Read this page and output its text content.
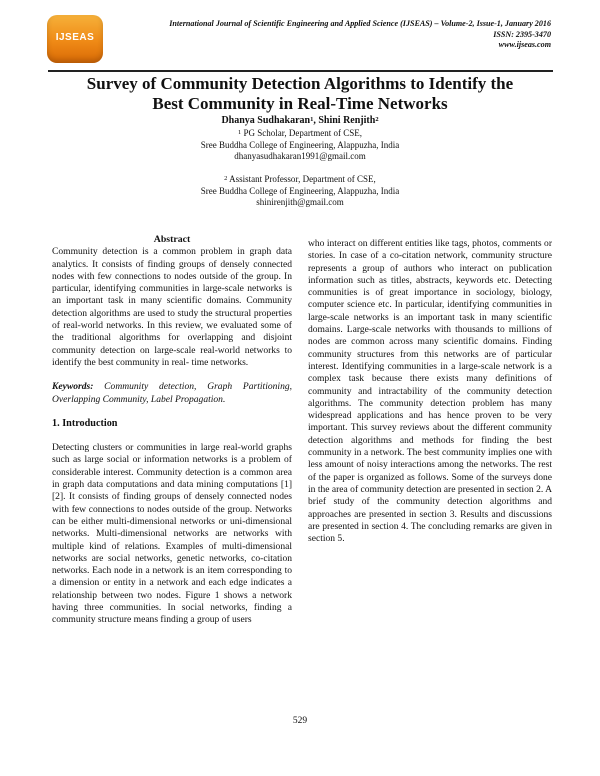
IJSEAS
International Journal of Scientific Engineering and Applied Science (IJSEAS) – Volume-2, Issue-1, January 2016
ISSN: 2395-3470
www.ijseas.com
Survey of Community Detection Algorithms to Identify the
Best Community in Real-Time Networks
Dhanya Sudhakaran$^1$, Shini Renjith$^2$
$^1$ PG Scholar, Department of CSE,
Sree Buddha College of Engineering, Alappuzha, India
dhanyasudhakaran1991@gmail.com
$^2$ Assistant Professor, Department of CSE,
Sree Buddha College of Engineering, Alappuzha, India
shinirenjith@gmail.com

Abstract

Community detection is a common problem in graph data analytics. It consists of finding groups of densely connected nodes with few connections to nodes outside of the group. In particular, identifying communities in large-scale networks is an important task in many scientific domains. Community detection algorithms are used to study the structural properties of real-world networks. In this review, we evaluated some of the traditional algorithms for overlapping and disjoint community detection on large-scale real-world networks to identify the best community in real- time networks.

Keywords: Community detection, Graph Partitioning, Overlapping Community, Label Propagation.

1. Introduction

Detecting clusters or communities in large real-world graphs such as large social or information networks is a problem of considerable interest. Community detection is a common area in graph data computations and data mining computations [1] [2]. It consists of finding groups of densely connected nodes with few connections to nodes outside of the group. Networks can be either multi-dimensional networks or uni-dimensional networks. Multi-dimensional networks are networks with multiple kind of relations. Examples of multi-dimensional networks are social networks, genetic networks, co-citation networks. Each node in a network is an item corresponding to a dimension or entity in a network and each edge indicates a relationship between two nodes. Figure 1 shows a network having three communities. In social networks, finding a community structure means finding a group of users

who interact on different entities like tags, photos, comments or stories. In case of a co-citation network, community structure represents a group of authors who interact on publication information such as titles, abstracts, keywords etc. Detecting communities is of great importance in sociology, biology, computer science etc. In particular, identifying communities in large-scale networks is an important task in many scientific domains. Large-scale networks with thousands to millions of nodes are common across many scientific domains. Finding community structures from this networks are of particular interest. Identifying communities in a large-scale network is a complex task because there exists many definitions of community and intractability of the community detection algorithms. The community detection problem has many widespread applications and has hence proven to be very important. This survey reviews about the different community detection algorithms and methods for finding the best community in a network. The best community implies one with less amount of noisy interactions among the networks. The rest of the paper is organized as follows. Some of the surveys done in the area of community detection are presented in section 2. A brief study of the community detection algorithms and approaches are presented in section 3. Results and discussions are presented in section 4. The concluding remarks are given in section 5.

529
